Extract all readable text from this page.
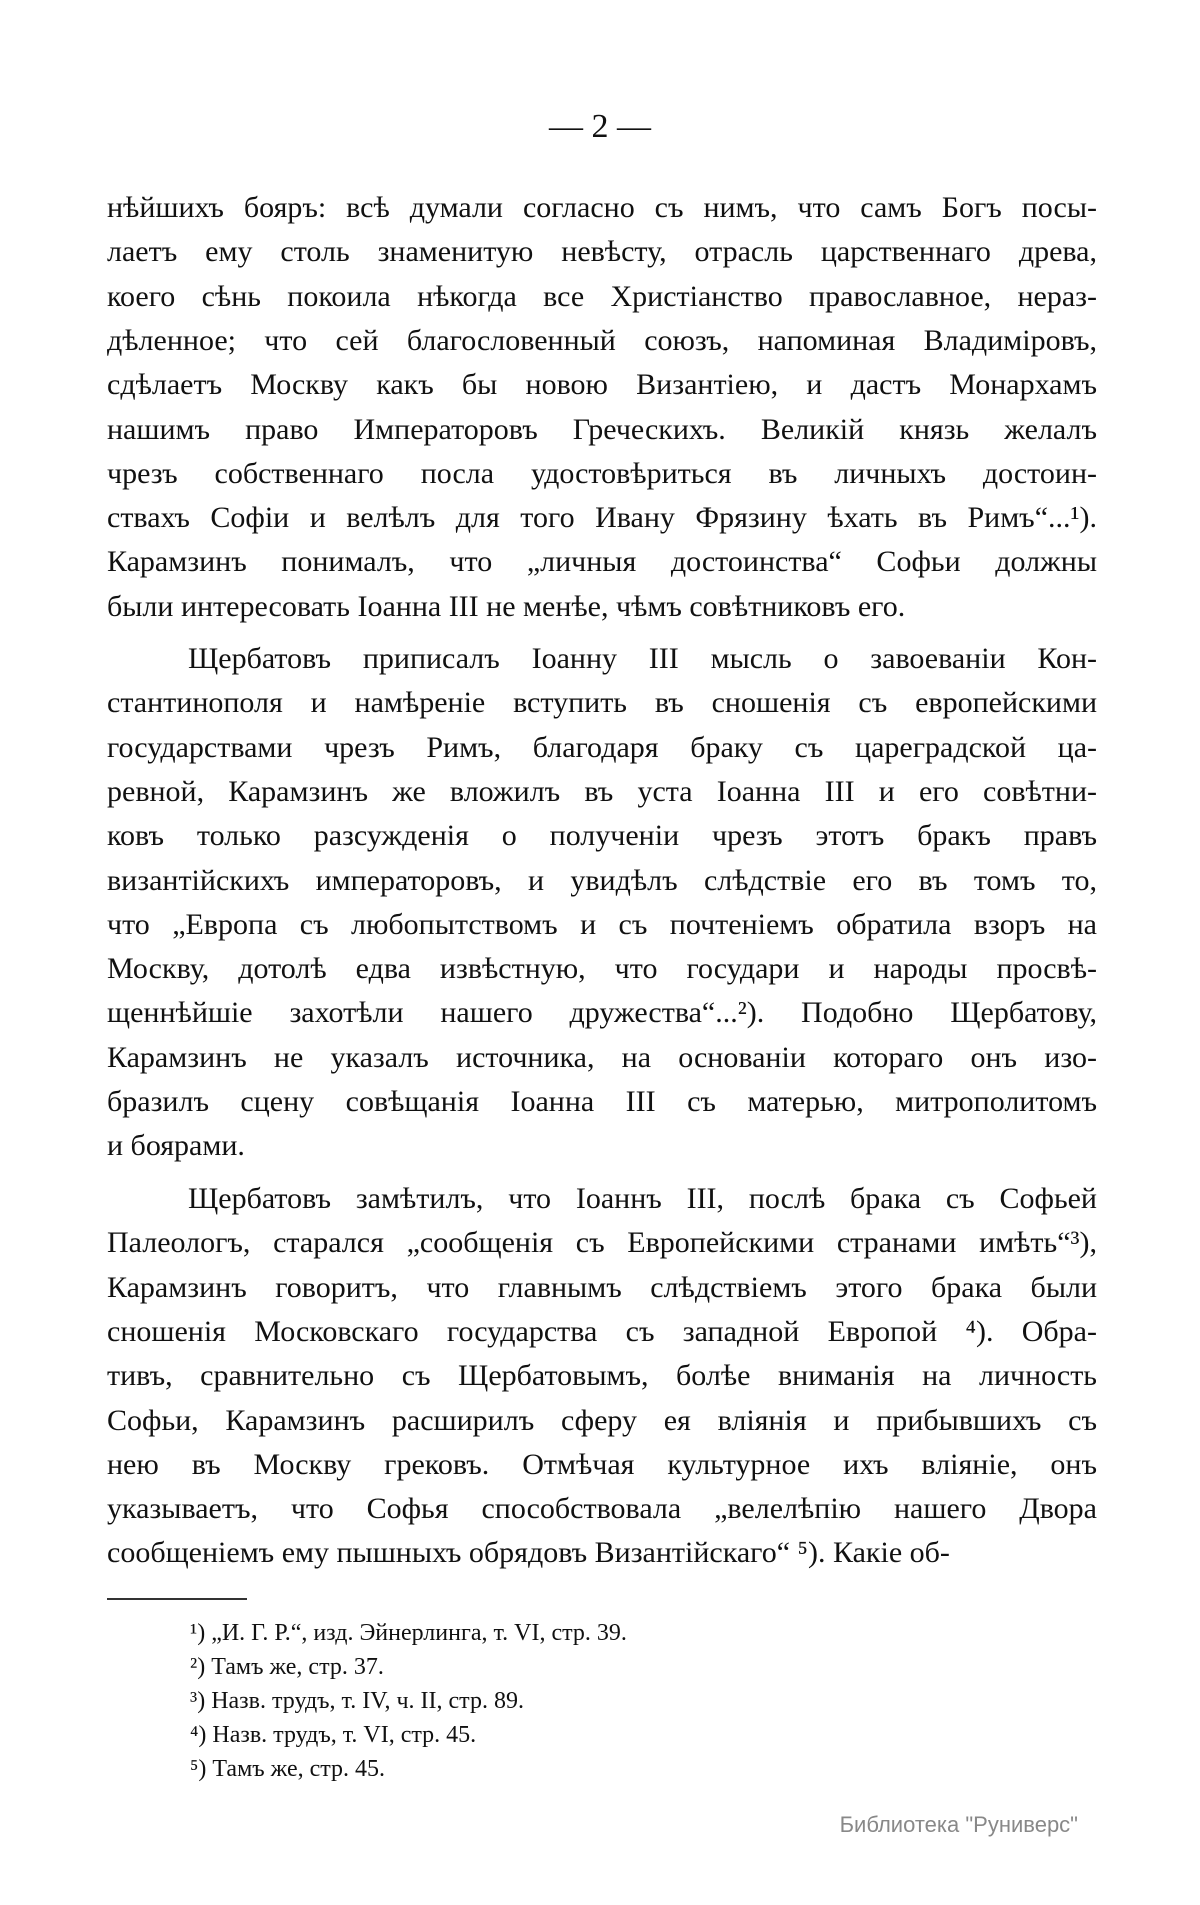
— 2 —
нѣйшихъ бояръ: всѣ думали согласно съ нимъ, что самъ Богъ посы-
лаетъ ему столь знаменитую невѣсту, отрасль царственнаго древа,
коего сѣнь покоила нѣкогда все Христіанство православное, нераз-
дѣленное; что сей благословенный союзъ, напоминая Владиміровъ,
сдѣлаетъ Москву какъ бы новою Византіею, и дастъ Монархамъ
нашимъ право Императоровъ Греческихъ. Великій князь желалъ
чрезъ собственнаго посла удостовѣриться въ личныхъ достоин-
ствахъ Софіи и велѣлъ для того Ивану Фрязину ѣхать въ Римъ“...¹).
Карамзинъ понималъ, что „личныя достоинства“ Софьи должны
были интересовать Іоанна III не менѣе, чѣмъ совѣтниковъ его.
Щербатовъ приписалъ Іоанну III мысль о завоеваніи Кон-
стантинополя и намѣреніе вступить въ сношенія съ европейскими
государствами чрезъ Римъ, благодаря браку съ цареградской ца-
ревной, Карамзинъ же вложилъ въ уста Іоанна III и его совѣтни-
ковъ только разсужденія о полученіи чрезъ этотъ бракъ правъ
византійскихъ императоровъ, и увидѣлъ слѣдствіе его въ томъ то,
что „Европа съ любопытствомъ и съ почтеніемъ обратила взоръ на
Москву, дотолѣ едва извѣстную, что государи и народы просвѣ-
щеннѣйшіе захотѣли нашего дружества“...²). Подобно Щербатову,
Карамзинъ не указалъ источника, на основаніи котораго онъ изо-
бразилъ сцену совѣщанія Іоанна III съ матерью, митрополитомъ
и боярами.
Щербатовъ замѣтилъ, что Іоаннъ III, послѣ брака съ Софьей
Палеологъ, старался „сообщенія съ Европейскими странами имѣть“³),
Карамзинъ говоритъ, что главнымъ слѣдствіемъ этого брака были
сношенія Московскаго государства съ западной Европой ⁴). Обра-
тивъ, сравнительно съ Щербатовымъ, болѣе вниманія на личность
Софьи, Карамзинъ расширилъ сферу ея вліянія и прибывшихъ съ
нею въ Москву грековъ. Отмѣчая культурное ихъ вліяніе, онъ
указываетъ, что Софья способствовала „велелѣпію нашего Двора
сообщеніемъ ему пышныхъ обрядовъ Византійскаго“ ⁵). Какіе об-
¹) „И. Г. Р.“, изд. Эйнерлинга, т. VI, стр. 39.
²) Тамъ же, стр. 37.
³) Назв. трудъ, т. IV, ч. II, стр. 89.
⁴) Назв. трудъ, т. VI, стр. 45.
⁵) Тамъ же, стр. 45.
Библиотека "Руниверс"
